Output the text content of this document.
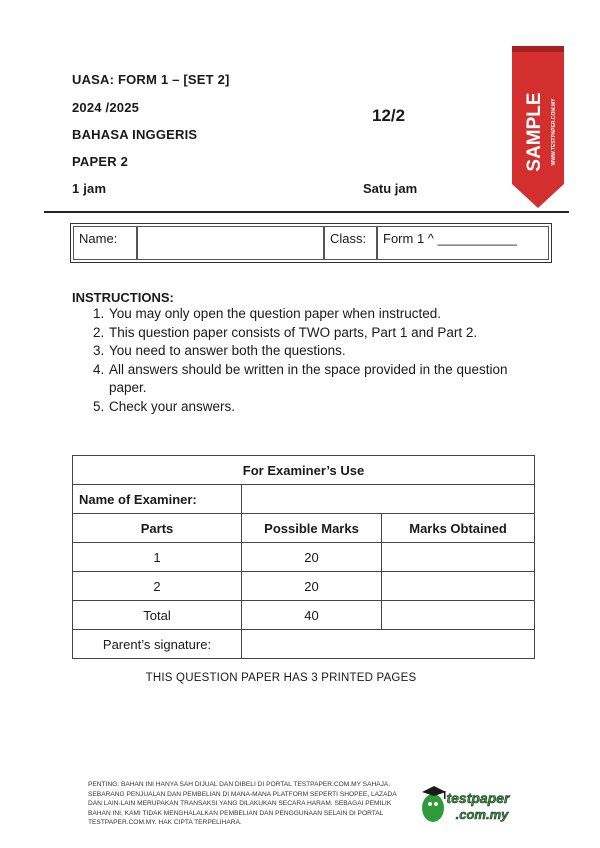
UASA: FORM 1 – [SET 2]
2024 /2025
BAHASA INGGERIS
PAPER 2
1 jam
12/2
Satu jam
SAMPLE WWW.TESTPAPER.COM.MY
Name:	Class:	Form 1 ^ ___________
INSTRUCTIONS:
1. You may only open the question paper when instructed.
2. This question paper consists of TWO parts, Part 1 and Part 2.
3. You need to answer both the questions.
4. All answers should be written in the space provided in the question paper.
5. Check your answers.
For Examiner’s Use		
Name of Examiner:		
Parts	Possible Marks	Marks Obtained
1	20	
2	20	
Total	40	
Parent’s signature:		
THIS QUESTION PAPER HAS 3 PRINTED PAGES
PENTING: BAHAN INI HANYA SAH DIJUAL DAN DIBELI DI PORTAL TESTPAPER.COM.MY SAHAJA. SEBARANG PENJUALAN DAN PEMBELIAN DI MANA-MANA PLATFORM SEPERTI SHOPEE, LAZADA DAN LAIN-LAIN MERUPAKAN TRANSAKSI YANG DILAKUKAN SECARA HARAM. SEBAGAI PEMILIK BAHAN INI, KAMI TIDAK MENGHALALKAN PEMBELIAN DAN PENGGUNAAN SELAIN DI PORTAL TESTPAPER.COM.MY. HAK CIPTA TERPELIHARA.
testpaper
.com.my
